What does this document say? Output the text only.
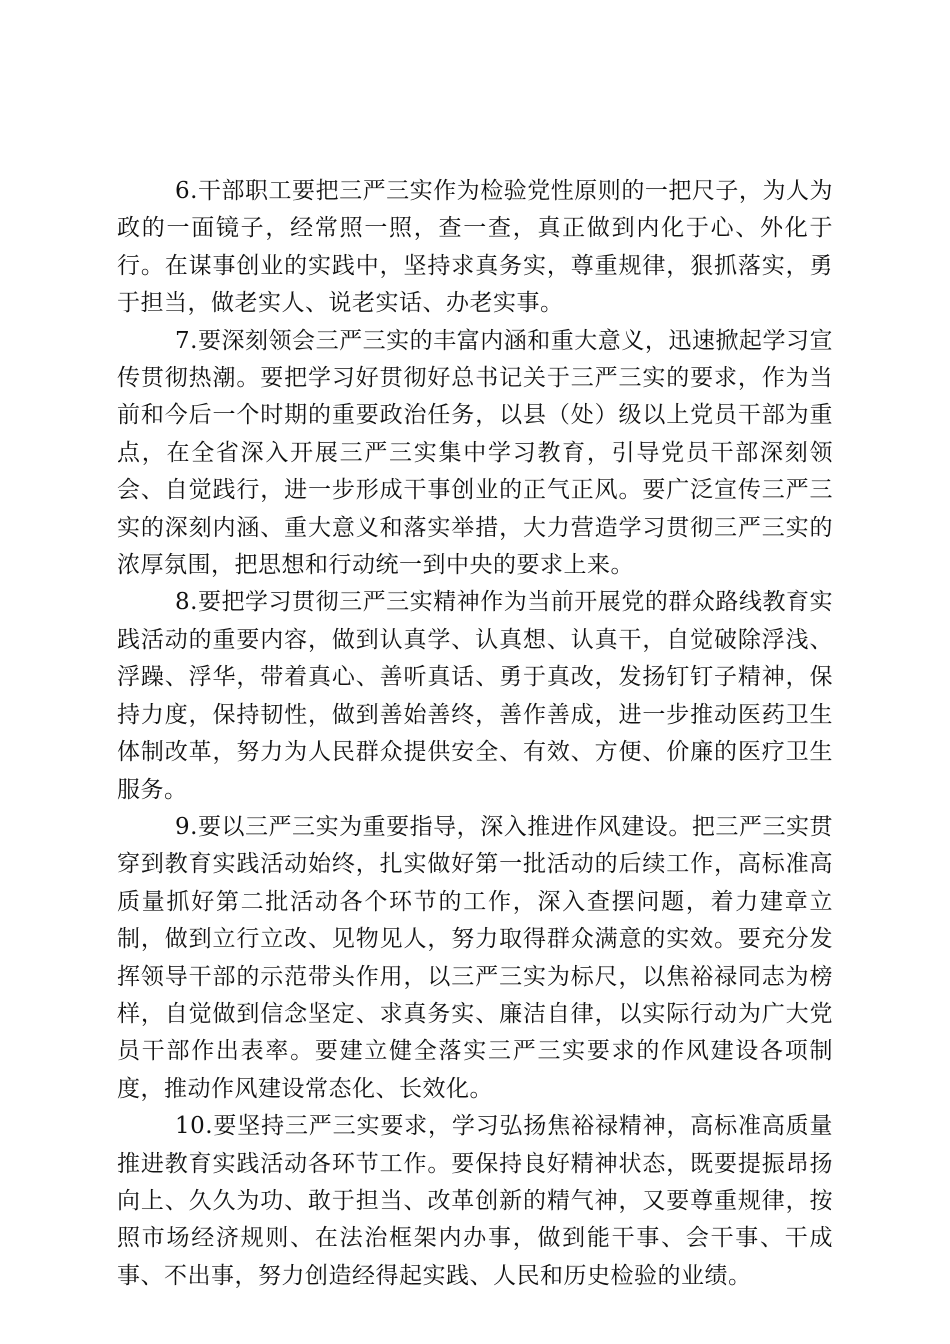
6.干部职工要把三严三实作为检验党性原则的一把尺子，为人为政的一面镜子，经常照一照，查一查，真正做到内化于心、外化于行。在谋事创业的实践中，坚持求真务实，尊重规律，狠抓落实，勇于担当，做老实人、说老实话、办老实事。

7.要深刻领会三严三实的丰富内涵和重大意义，迅速掀起学习宣传贯彻热潮。要把学习好贯彻好总书记关于三严三实的要求，作为当前和今后一个时期的重要政治任务，以县（处）级以上党员干部为重点，在全省深入开展三严三实集中学习教育，引导党员干部深刻领会、自觉践行，进一步形成干事创业的正气正风。要广泛宣传三严三实的深刻内涵、重大意义和落实举措，大力营造学习贯彻三严三实的浓厚氛围，把思想和行动统一到中央的要求上来。

8.要把学习贯彻三严三实精神作为当前开展党的群众路线教育实践活动的重要内容，做到认真学、认真想、认真干，自觉破除浮浅、浮躁、浮华，带着真心、善听真话、勇于真改，发扬钉钉子精神，保持力度，保持韧性，做到善始善终，善作善成，进一步推动医药卫生体制改革，努力为人民群众提供安全、有效、方便、价廉的医疗卫生服务。

9.要以三严三实为重要指导，深入推进作风建设。把三严三实贯穿到教育实践活动始终，扎实做好第一批活动的后续工作，高标准高质量抓好第二批活动各个环节的工作，深入查摆问题，着力建章立制，做到立行立改、见物见人，努力取得群众满意的实效。要充分发挥领导干部的示范带头作用，以三严三实为标尺，以焦裕禄同志为榜样，自觉做到信念坚定、求真务实、廉洁自律，以实际行动为广大党员干部作出表率。要建立健全落实三严三实要求的作风建设各项制度，推动作风建设常态化、长效化。

10.要坚持三严三实要求，学习弘扬焦裕禄精神，高标准高质量推进教育实践活动各环节工作。要保持良好精神状态，既要提振昂扬向上、久久为功、敢于担当、改革创新的精气神，又要尊重规律，按照市场经济规则、在法治框架内办事，做到能干事、会干事、干成事、不出事，努力创造经得起实践、人民和历史检验的业绩。
